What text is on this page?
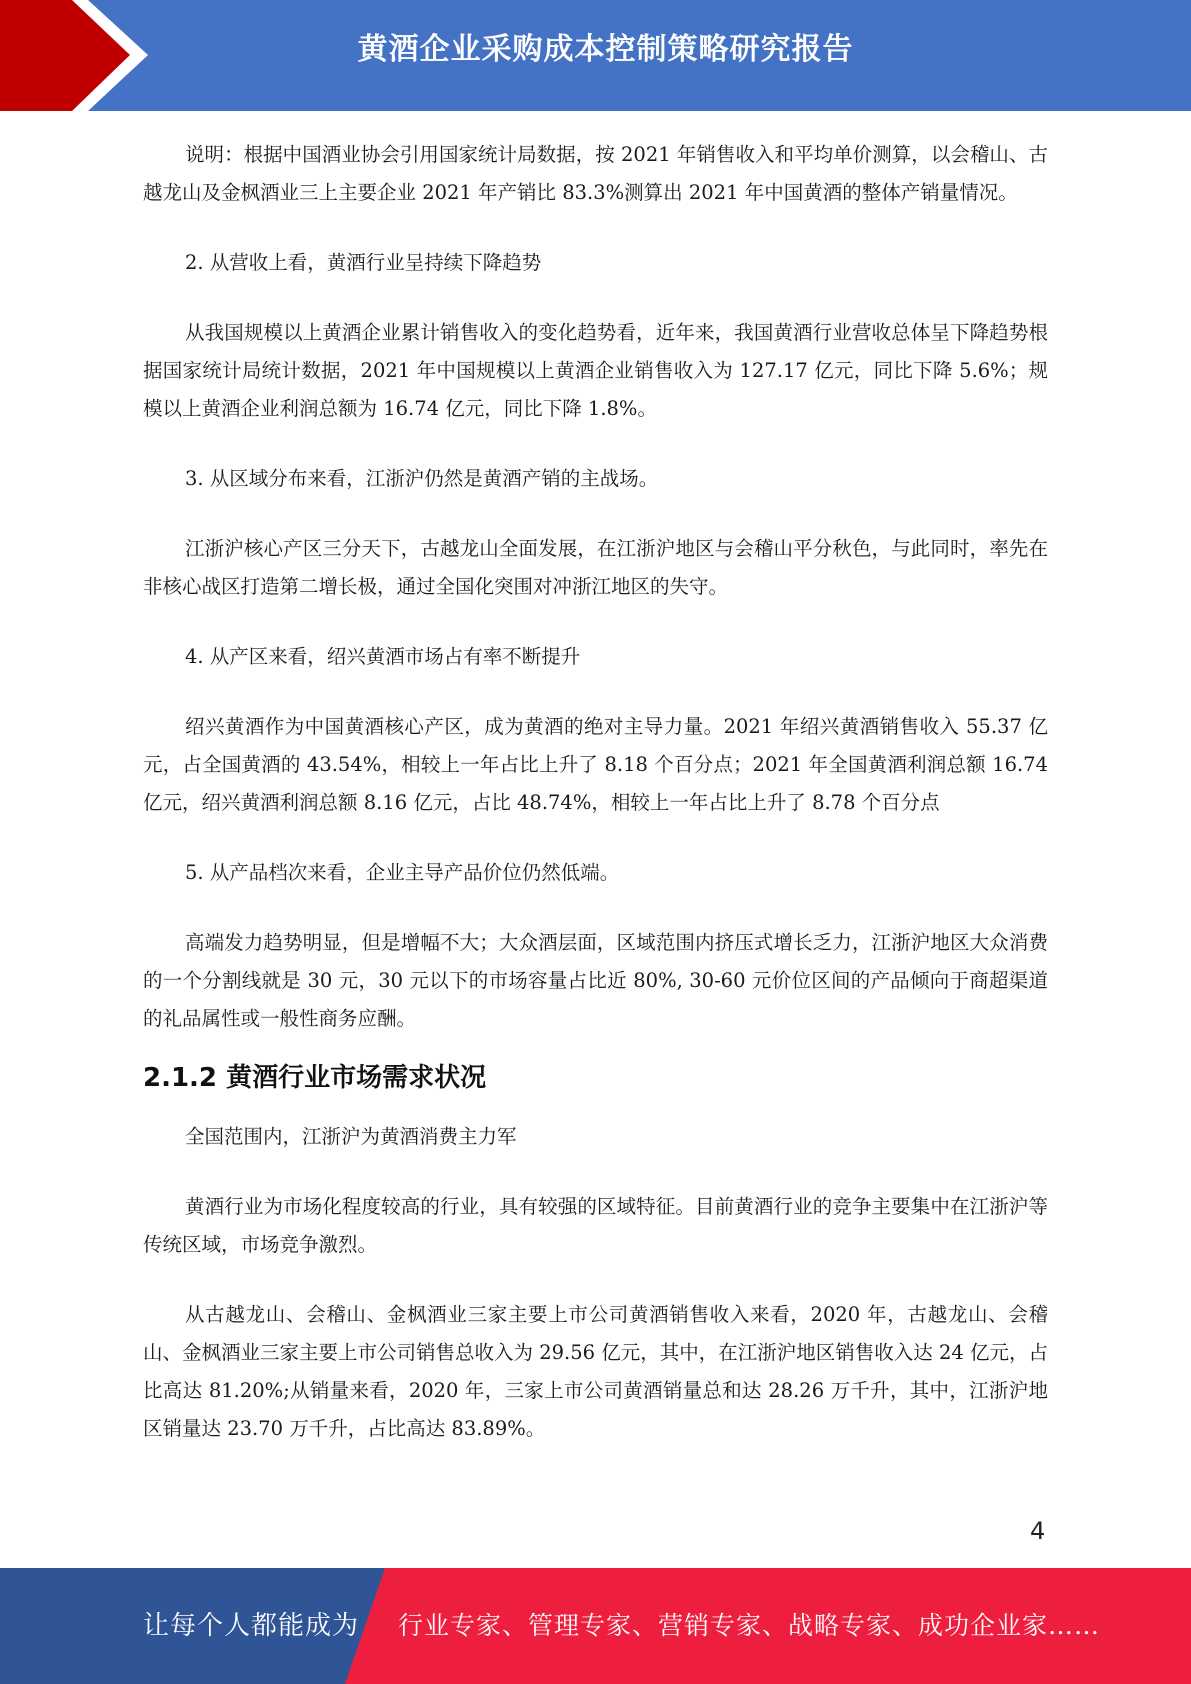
黄酒企业采购成本控制策略研究报告

说明：根据中国酒业协会引用国家统计局数据，按 2021 年销售收入和平均单价测算，以会稽山、古越龙山及金枫酒业三上主要企业 2021 年产销比 83.3%测算出 2021 年中国黄酒的整体产销量情况。

2. 从营收上看，黄酒行业呈持续下降趋势

从我国规模以上黄酒企业累计销售收入的变化趋势看，近年来，我国黄酒行业营收总体呈下降趋势根据国家统计局统计数据，2021 年中国规模以上黄酒企业销售收入为 127.17 亿元，同比下降 5.6%；规模以上黄酒企业利润总额为 16.74 亿元，同比下降 1.8%。

3. 从区域分布来看，江浙沪仍然是黄酒产销的主战场。

江浙沪核心产区三分天下，古越龙山全面发展，在江浙沪地区与会稽山平分秋色，与此同时，率先在非核心战区打造第二增长极，通过全国化突围对冲浙江地区的失守。

4. 从产区来看，绍兴黄酒市场占有率不断提升

绍兴黄酒作为中国黄酒核心产区，成为黄酒的绝对主导力量。2021 年绍兴黄酒销售收入 55.37 亿元，占全国黄酒的 43.54%，相较上一年占比上升了 8.18 个百分点；2021 年全国黄酒利润总额 16.74 亿元，绍兴黄酒利润总额 8.16 亿元，占比 48.74%，相较上一年占比上升了 8.78 个百分点

5. 从产品档次来看，企业主导产品价位仍然低端。

高端发力趋势明显，但是增幅不大；大众酒层面，区域范围内挤压式增长乏力，江浙沪地区大众消费的一个分割线就是 30 元，30 元以下的市场容量占比近 80%, 30-60 元价位区间的产品倾向于商超渠道的礼品属性或一般性商务应酬。

2.1.2 黄酒行业市场需求状况

全国范围内，江浙沪为黄酒消费主力军

黄酒行业为市场化程度较高的行业，具有较强的区域特征。目前黄酒行业的竞争主要集中在江浙沪等传统区域，市场竞争激烈。

从古越龙山、会稽山、金枫酒业三家主要上市公司黄酒销售收入来看，2020 年，古越龙山、会稽山、金枫酒业三家主要上市公司销售总收入为 29.56 亿元，其中，在江浙沪地区销售收入达 24 亿元，占比高达 81.20%;从销量来看，2020 年，三家上市公司黄酒销量总和达 28.26 万千升，其中，江浙沪地区销量达 23.70 万千升，占比高达 83.89%。

4
让每个人都能成为 行业专家、管理专家、营销专家、战略专家、成功企业家……
